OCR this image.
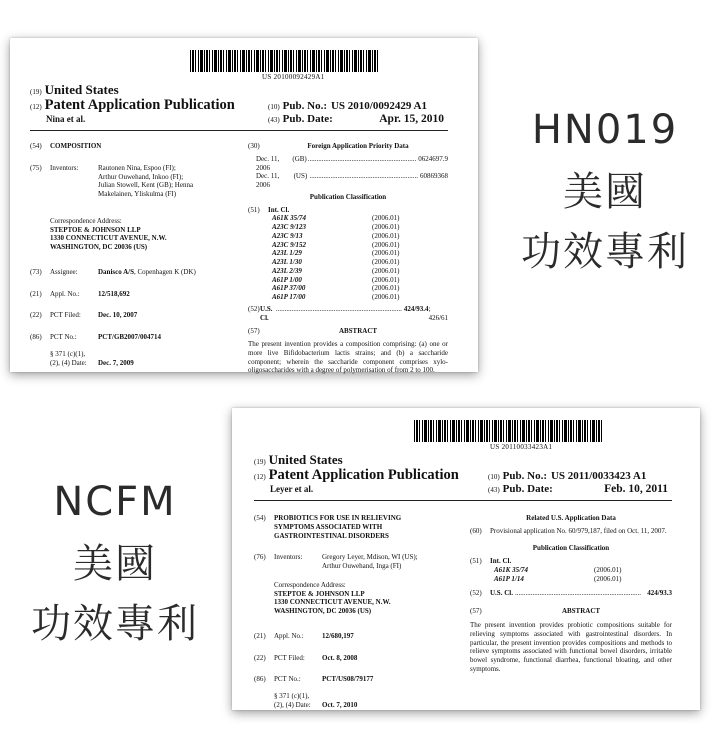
HN019
美國
功效專利
NCFM
美國
功效專利
US 20100092429A1
(19) United States
(12) Patent Application Publication
Nina et al.
(10) Pub. No.: US 2010/0092429 A1
(43) Pub. Date:	Apr. 15, 2010
(54)	COMPOSITION
(75)	Inventors:	Rautonen Nina, Espoo (FI);
Arthur Ouwehand, Inkoo (FI);
Julian Stowell, Kent (GB); Henna
Makelainen, Yliskulma (FI)
Correspondence Address:
STEPTOE & JOHNSON LLP
1330 CONNECTICUT AVENUE, N.W.
WASHINGTON, DC 20036 (US)
(73)	Assignee:	Danisco A/S, Copenhagen K (DK)
(21)	Appl. No.:	12/518,692
(22)	PCT Filed:	Dec. 10, 2007
(86)	PCT No.:	PCT/GB2007/004714
§ 371 (c)(1),
(2), (4) Date:	Dec. 7, 2009
(30)	Foreign Application Priority Data
Dec. 11, 2006
(GB) .............................................................. 0624697.9
Dec. 11, 2006
(US) .............................................................. 60869368
Publication Classification
(51)	Int. Cl.
A61K 35/74	(2006.01)
A23C 9/123	(2006.01)
A23C 9/13	(2006.01)
A23C 9/152	(2006.01)
A23L 1/29	(2006.01)
A23L 1/30	(2006.01)
A23L 2/39	(2006.01)
A61P 1/00	(2006.01)
A61P 37/00	(2006.01)
A61P 17/00	(2006.01)
(52) U.S. Cl.
........................................................................ 424/93.4 ; 426/61
(57)	ABSTRACT
The present invention provides a composition comprising: (a) one or more live Bifidobacterium lactis strains; and (b) a saccharide component; wherein the saccharide component comprises xylo-oligosaccharides with a degree of polymerisation of from 2 to 100.
US 20110033423A1
(19) United States
(12) Patent Application Publication
Leyer et al.
(10) Pub. No.: US 2011/0033423 A1
(43) Pub. Date:	Feb. 10, 2011
(54)	PROBIOTICS FOR USE IN RELIEVING
SYMPTOMS ASSOCIATED WITH
GASTROINTESTINAL DISORDERS
(76)	Inventors:	Gregory Leyer, Mdison, WI (US);
Arthur Ouwehand, Inga (FI)
Correspondence Address:
STEPTOE & JOHNSON LLP
1330 CONNECTICUT AVENUE, N.W.
WASHINGTON, DC 20036 (US)
(21)	Appl. No.:	12/680,197
(22)	PCT Filed:	Oct. 8, 2008
(86)	PCT No.:	PCT/US08/79177
§ 371 (c)(1),
(2), (4) Date:	Oct. 7, 2010
Related U.S. Application Data
(60)	Provisional application No. 60/979,187, filed on Oct. 11, 2007.
Publication Classification
(51)	Int. Cl.
A61K 35/74	(2006.01)
A61P 1/14	(2006.01)
(52)	U.S. Cl. ........................................................................ 424/93.3
(57)	ABSTRACT
The present invention provides probiotic compositions suitable for relieving symptoms associated with gastrointestinal disorders. In particular, the present invention provides compositions and methods to relieve symptoms associated with functional bowel disorders, irritable bowel syndrome, functional diarrhea, functional bloating, and other symptoms.
